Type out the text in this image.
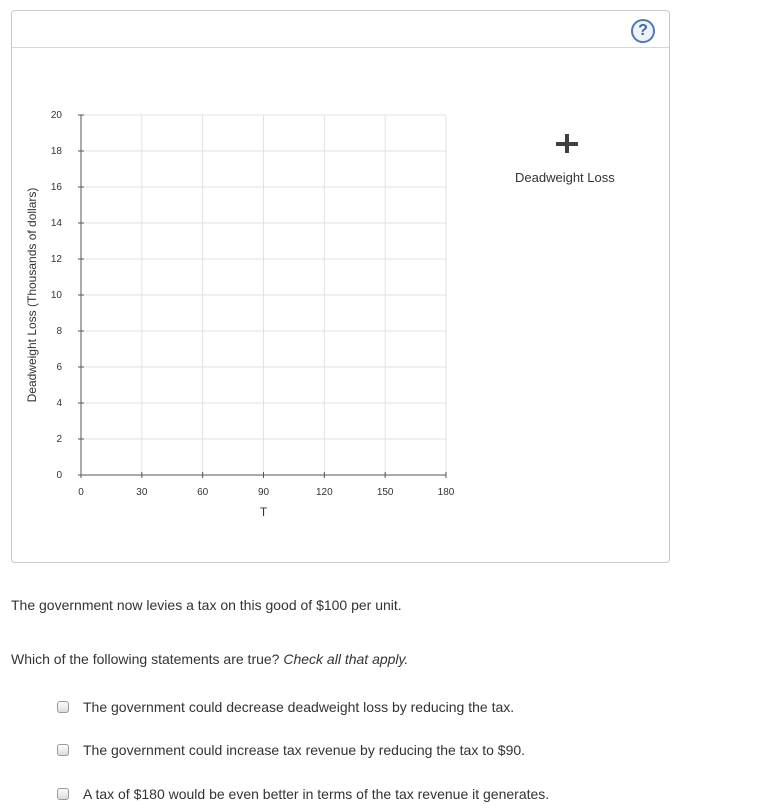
?
0	30	60	90	120	150	180
0
2
4
6
8
10
12
14
16
18
20
T
Deadweight Loss (Thousands of dollars)
Deadweight Loss
The government now levies a tax on this good of $100 per unit.
Which of the following statements are true? Check all that apply.
The government could decrease deadweight loss by reducing the tax.
The government could increase tax revenue by reducing the tax to $90.
A tax of $180 would be even better in terms of the tax revenue it generates.
